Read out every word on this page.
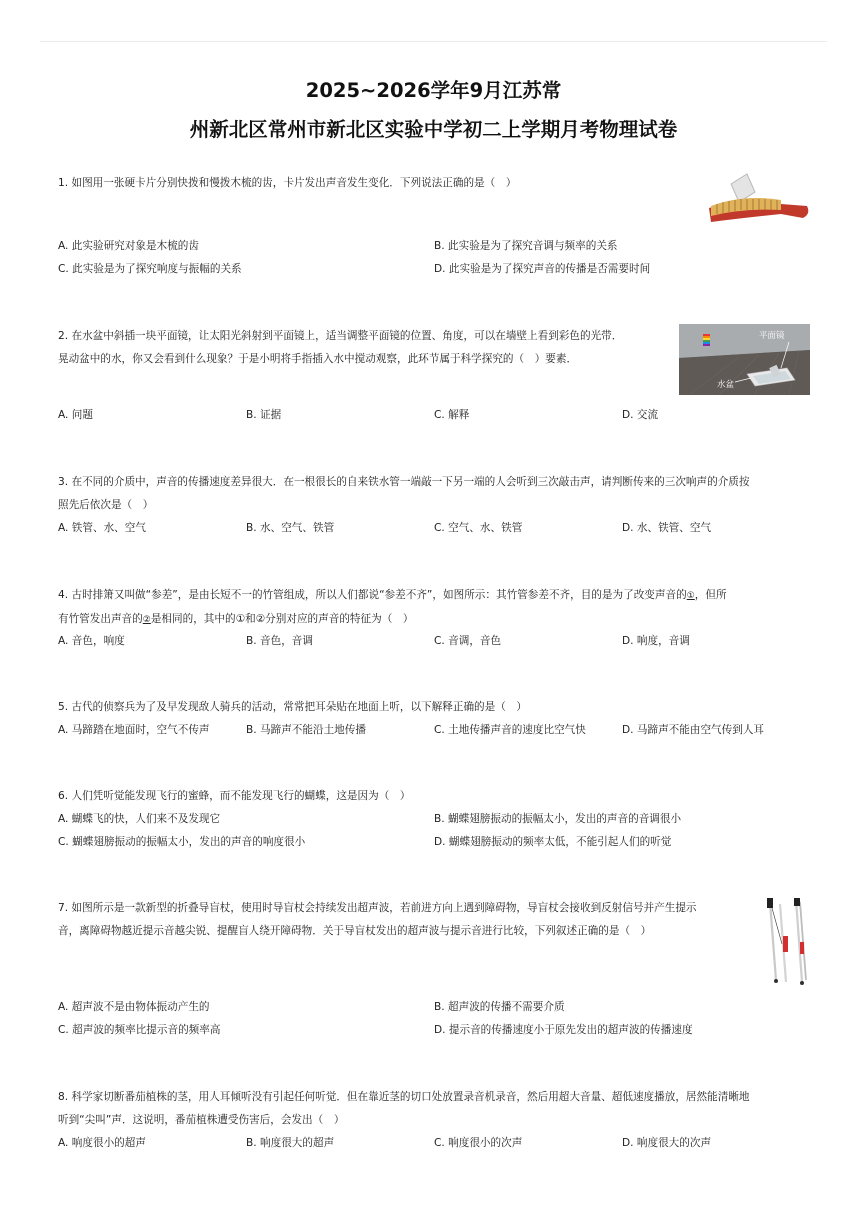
2025~2026学年9月江苏常
州新北区常州市新北区实验中学初二上学期月考物理试卷
1. 如图用一张硬卡片分别快拨和慢拨木梳的齿，卡片发出声音发生变化．下列说法正确的是（　）
A. 此实验研究对象是木梳的齿	B. 此实验是为了探究音调与频率的关系
C. 此实验是为了探究响度与振幅的关系	D. 此实验是为了探究声音的传播是否需要时间
2. 在水盆中斜插一块平面镜，让太阳光斜射到平面镜上，适当调整平面镜的位置、角度，可以在墙壁上看到彩色的光带．
晃动盆中的水，你又会看到什么现象？于是小明将手指插入水中搅动观察，此环节属于科学探究的（　）要素．
平面镜
水盆
A. 问题	B. 证据	C. 解释	D. 交流
3. 在不同的介质中，声音的传播速度差异很大．在一根很长的自来铁水管一端敲一下另一端的人会听到三次敲击声，请判断传来的三次响声的介质按
照先后依次是（　）
A. 铁管、水、空气	B. 水、空气、铁管	C. 空气、水、铁管	D. 水、铁管、空气
4. 古时排箫又叫做“参差”，是由长短不一的竹管组成，所以人们都说“参差不齐”，如图所示：其竹管参差不齐，目的是为了改变声音的①，但所
有竹管发出声音的②是相同的，其中的①和②分别对应的声音的特征为（　）
A. 音色，响度	B. 音色，音调	C. 音调，音色	D. 响度，音调
5. 古代的侦察兵为了及早发现敌人骑兵的活动，常常把耳朵贴在地面上听，以下解释正确的是（　）
A. 马蹄踏在地面时，空气不传声	B. 马蹄声不能沿土地传播	C. 土地传播声音的速度比空气快	D. 马蹄声不能由空气传到人耳
6. 人们凭听觉能发现飞行的蜜蜂，而不能发现飞行的蝴蝶，这是因为（　）
A. 蝴蝶飞的快，人们来不及发现它	B. 蝴蝶翅膀振动的振幅太小，发出的声音的音调很小
C. 蝴蝶翅膀振动的振幅太小，发出的声音的响度很小	D. 蝴蝶翅膀振动的频率太低，不能引起人们的听觉
7. 如图所示是一款新型的折叠导盲杖，使用时导盲杖会持续发出超声波，若前进方向上遇到障碍物，导盲杖会接收到反射信号并产生提示
音，离障碍物越近提示音越尖锐、提醒盲人绕开障碍物．关于导盲杖发出的超声波与提示音进行比较，下列叙述正确的是（　）
A. 超声波不是由物体振动产生的	B. 超声波的传播不需要介质
C. 超声波的频率比提示音的频率高	D. 提示音的传播速度小于原先发出的超声波的传播速度
8. 科学家切断番茄植株的茎，用人耳倾听没有引起任何听觉．但在靠近茎的切口处放置录音机录音，然后用超大音量、超低速度播放，居然能清晰地
听到“尖叫”声．这说明，番茄植株遭受伤害后，会发出（　）
A. 响度很小的超声	B. 响度很大的超声	C. 响度很小的次声	D. 响度很大的次声
